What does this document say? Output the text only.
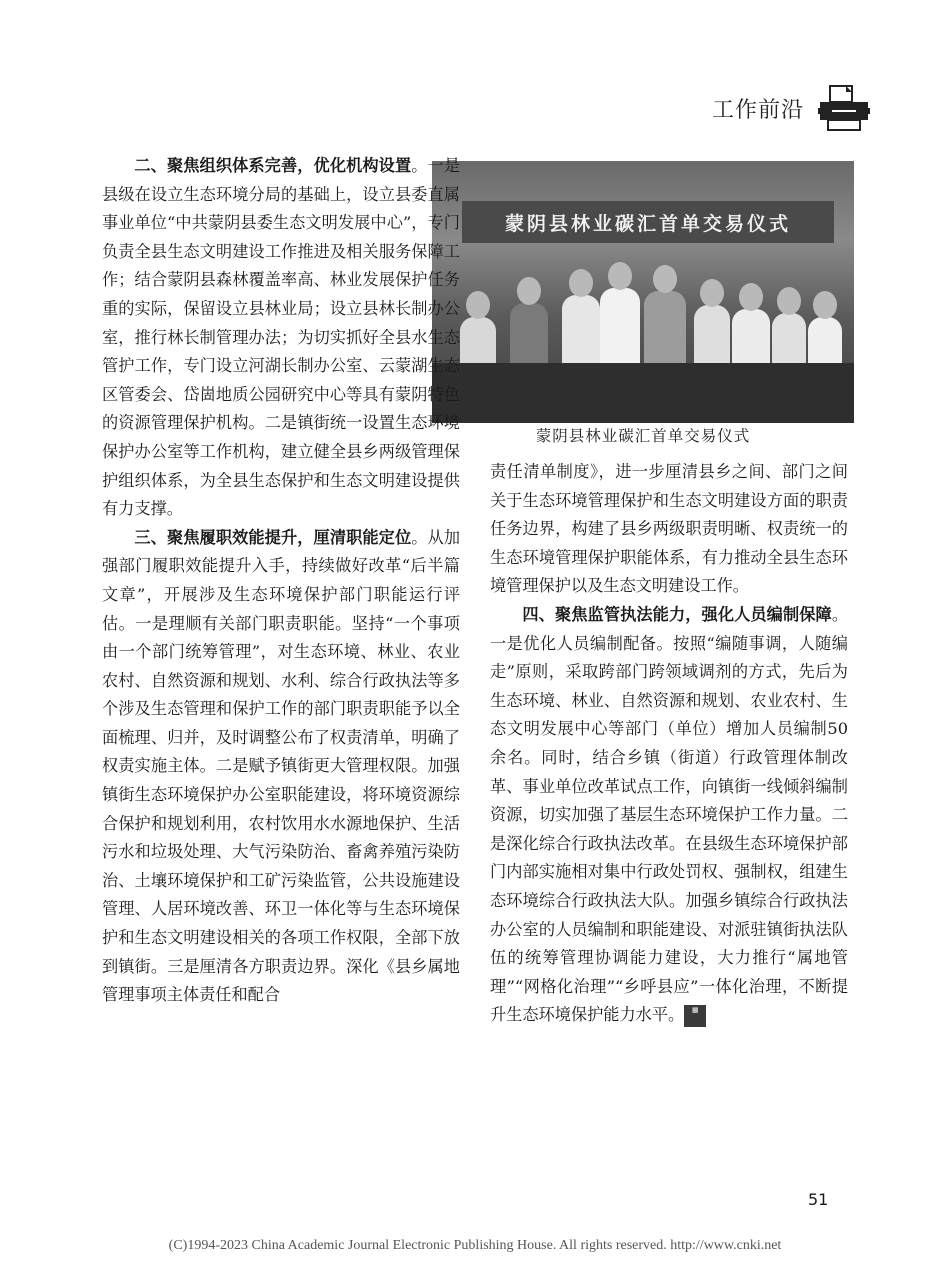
工作前沿
蒙阴县林业碳汇首单交易仪式
蒙阴县林业碳汇首单交易仪式

二、聚焦组织体系完善，优化机构设置。一是县级在设立生态环境分局的基础上，设立县委直属事业单位“中共蒙阴县委生态文明发展中心”，专门负责全县生态文明建设工作推进及相关服务保障工作；结合蒙阴县森林覆盖率高、林业发展保护任务重的实际，保留设立县林业局；设立县林长制办公室，推行林长制管理办法；为切实抓好全县水生态管护工作，专门设立河湖长制办公室、云蒙湖生态区管委会、岱崮地质公园研究中心等具有蒙阴特色的资源管理保护机构。二是镇街统一设置生态环境保护办公室等工作机构，建立健全县乡两级管理保护组织体系，为全县生态保护和生态文明建设提供有力支撑。

三、聚焦履职效能提升，厘清职能定位。从加强部门履职效能提升入手，持续做好改革“后半篇文章”，开展涉及生态环境保护部门职能运行评估。一是理顺有关部门职责职能。坚持“一个事项由一个部门统筹管理”，对生态环境、林业、农业农村、自然资源和规划、水利、综合行政执法等多个涉及生态管理和保护工作的部门职责职能予以全面梳理、归并，及时调整公布了权责清单，明确了权责实施主体。二是赋予镇街更大管理权限。加强镇街生态环境保护办公室职能建设，将环境资源综合保护和规划利用，农村饮用水水源地保护、生活污水和垃圾处理、大气污染防治、畜禽养殖污染防治、土壤环境保护和工矿污染监管，公共设施建设管理、人居环境改善、环卫一体化等与生态环境保护和生态文明建设相关的各项工作权限，全部下放到镇街。三是厘清各方职责边界。深化《县乡属地管理事项主体责任和配合

责任清单制度》，进一步厘清县乡之间、部门之间关于生态环境管理保护和生态文明建设方面的职责任务边界，构建了县乡两级职责明晰、权责统一的生态环境管理保护职能体系，有力推动全县生态环境管理保护以及生态文明建设工作。

四、聚焦监管执法能力，强化人员编制保障。一是优化人员编制配备。按照“编随事调，人随编走”原则，采取跨部门跨领域调剂的方式，先后为生态环境、林业、自然资源和规划、农业农村、生态文明发展中心等部门（单位）增加人员编制50余名。同时，结合乡镇（街道）行政管理体制改革、事业单位改革试点工作，向镇街一线倾斜编制资源，切实加强了基层生态环境保护工作力量。二是深化综合行政执法改革。在县级生态环境保护部门内部实施相对集中行政处罚权、强制权，组建生态环境综合行政执法大队。加强乡镇综合行政执法办公室的人员编制和职能建设、对派驻镇街执法队伍的统筹管理协调能力建设，大力推行“属地管理”“网格化治理”“乡呼县应”一体化治理，不断提升生态环境保护能力水平。 ▦

51
(C)1994-2023 China Academic Journal Electronic Publishing House. All rights reserved. http://www.cnki.net
